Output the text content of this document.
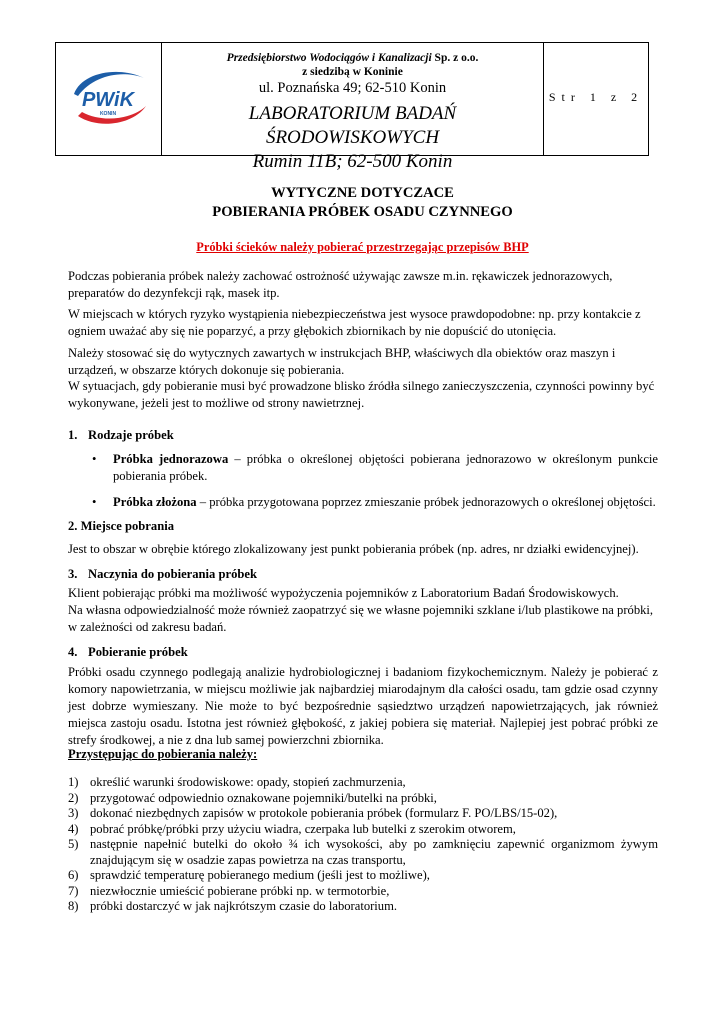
PWiK
KONIN
Przedsiębiorstwo Wodociągów i Kanalizacji Sp. z o.o.
z siedzibą w Koninie
ul. Poznańska 49; 62-510 Konin
LABORATORIUM BADAŃ ŚRODOWISKOWYCH
Rumin 11B; 62-500 Konin
Str 1 z 2
WYTYCZNE DOTYCZACE
POBIERANIA PRÓBEK OSADU CZYNNEGO
Próbki ścieków należy pobierać przestrzegając przepisów BHP

Podczas pobierania próbek należy zachować ostrożność używając zawsze m.in. rękawiczek jednorazowych, preparatów do dezynfekcji rąk, masek itp.

W miejscach w których ryzyko wystąpienia niebezpieczeństwa jest wysoce prawdopodobne: np. przy kontakcie z ogniem uważać aby się nie poparzyć, a przy głębokich zbiornikach by nie dopuścić do utonięcia.

Należy stosować się do wytycznych zawartych w instrukcjach BHP, właściwych dla obiektów oraz maszyn i urządzeń, w obszarze których dokonuje się pobierania.

W sytuacjach, gdy pobieranie musi być prowadzone blisko źródła silnego zanieczyszczenia, czynności powinny być wykonywane, jeżeli jest to możliwe od strony nawietrznej.

1. Rodzaje próbek
• Próbka jednorazowa – próbka o określonej objętości pobierana jednorazowo w określonym punkcie pobierania próbek.
• Próbka złożona – próbka przygotowana poprzez zmieszanie próbek jednorazowych o określonej objętości.
2. Miejsce pobrania

Jest to obszar w obrębie którego zlokalizowany jest punkt pobierania próbek (np. adres, nr działki ewidencyjnej).

3. Naczynia do pobierania próbek

Klient pobierając próbki ma możliwość wypożyczenia pojemników z Laboratorium Badań Środowiskowych.

Na własna odpowiedzialność może również zaopatrzyć się we własne pojemniki szklane i/lub plastikowe na próbki, w zależności od zakresu badań.

4. Pobieranie próbek

Próbki osadu czynnego podlegają analizie hydrobiologicznej i badaniom fizykochemicznym. Należy je pobierać z komory napowietrzania, w miejscu możliwie jak najbardziej miarodajnym dla całości osadu, tam gdzie osad czynny jest dobrze wymieszany. Nie może to być bezpośrednie sąsiedztwo urządzeń napowietrzających, jak również miejsca zastoju osadu. Istotna jest również głębokość, z jakiej pobiera się materiał. Najlepiej jest pobrać próbki ze strefy środkowej, a nie z dna lub samej powierzchni zbiornika.

Przystępując do pobierania należy:
1) określić warunki środowiskowe: opady, stopień zachmurzenia,
2) przygotować odpowiednio oznakowane pojemniki/butelki na próbki,
3) dokonać niezbędnych zapisów w protokole pobierania próbek (formularz F. PO/LBS/15-02),
4) pobrać próbkę/próbki przy użyciu wiadra, czerpaka lub butelki z szerokim otworem,
5) następnie napełnić butelki do około ¾ ich wysokości, aby po zamknięciu zapewnić organizmom żywym znajdującym się w osadzie zapas powietrza na czas transportu,
6) sprawdzić temperaturę pobieranego medium (jeśli jest to możliwe),
7) niezwłocznie umieścić pobierane próbki np. w termotorbie,
8) próbki dostarczyć w jak najkrótszym czasie do laboratorium.
